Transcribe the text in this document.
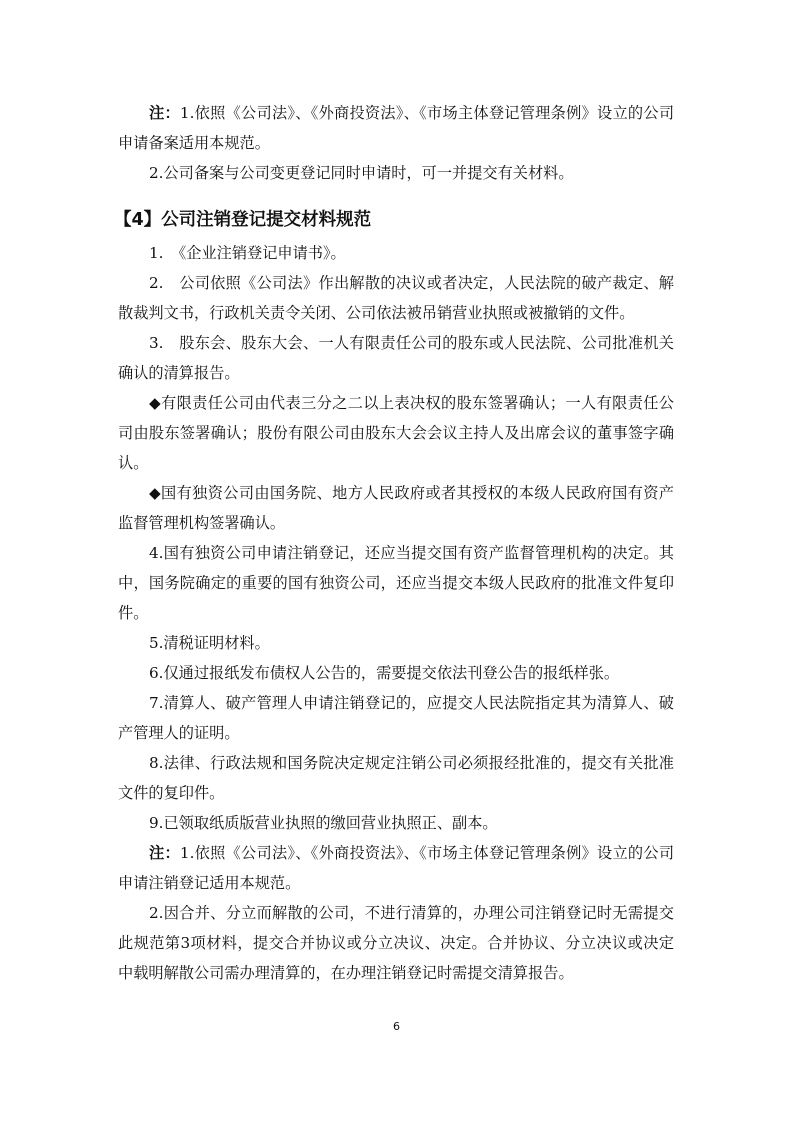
注：1.依照《公司法》、《外商投资法》、《市场主体登记管理条例》设立的公司申请备案适用本规范。

2.公司备案与公司变更登记同时申请时，可一并提交有关材料。

【4】公司注销登记提交材料规范

1.　《企业注销登记申请书》。

2.　公司依照《公司法》作出解散的决议或者决定，人民法院的破产裁定、解散裁判文书，行政机关责令关闭、公司依法被吊销营业执照或被撤销的文件。

3.　股东会、股东大会、一人有限责任公司的股东或人民法院、公司批准机关确认的清算报告。

◆有限责任公司由代表三分之二以上表决权的股东签署确认；一人有限责任公司由股东签署确认；股份有限公司由股东大会会议主持人及出席会议的董事签字确认。

◆国有独资公司由国务院、地方人民政府或者其授权的本级人民政府国有资产监督管理机构签署确认。

4.国有独资公司申请注销登记，还应当提交国有资产监督管理机构的决定。其中，国务院确定的重要的国有独资公司，还应当提交本级人民政府的批准文件复印件。

5.清税证明材料。

6.仅通过报纸发布债权人公告的，需要提交依法刊登公告的报纸样张。

7.清算人、破产管理人申请注销登记的，应提交人民法院指定其为清算人、破产管理人的证明。

8.法律、行政法规和国务院决定规定注销公司必须报经批准的，提交有关批准文件的复印件。

9.已领取纸质版营业执照的缴回营业执照正、副本。

注：1.依照《公司法》、《外商投资法》、《市场主体登记管理条例》设立的公司申请注销登记适用本规范。

2.因合并、分立而解散的公司，不进行清算的，办理公司注销登记时无需提交此规范第3项材料，提交合并协议或分立决议、决定。合并协议、分立决议或决定中载明解散公司需办理清算的，在办理注销登记时需提交清算报告。

6
